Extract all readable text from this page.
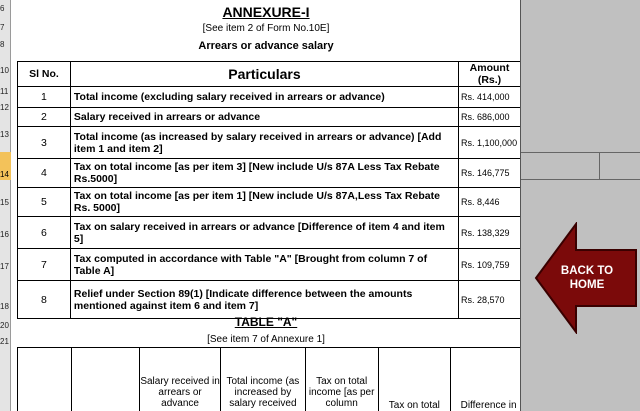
6
7
8
10
11
12
13
14
15
16
17
18
20
21
ANNEXURE-I
[See item 2 of Form No.10E]
Arrears or advance salary
Sl No.	Particulars	Amount (Rs.)
1	Total income (excluding salary received in arrears or advance)	Rs. 414,000
2	Salary received in arrears or advance	Rs. 686,000
3	Total income (as increased by salary received in arrears or advance) [Add item 1 and item 2]	Rs. 1,100,000
4	Tax on total income [as per item 3] [New include U/s 87A Less Tax Rebate Rs.5000]	Rs. 146,775
5	Tax on total income [as per item 1] [New include U/s 87A,Less Tax Rebate Rs. 5000]	Rs. 8,446
6	Tax on salary received in arrears or advance [Difference of item 4 and item 5]	Rs. 138,329
7	Tax computed in accordance with Table "A" [Brought from column 7 of Table A]	Rs. 109,759
8	Relief under Section 89(1) [Indicate difference between the amounts mentioned against item 6 and item 7]	Rs. 28,570
TABLE "A"
[See item 7 of Annexure 1]
		Salary received in arrears or advance	Total income (as increased by salary received	Tax on total income [as per column	Tax on total	Difference in
BACK TO
HOME
